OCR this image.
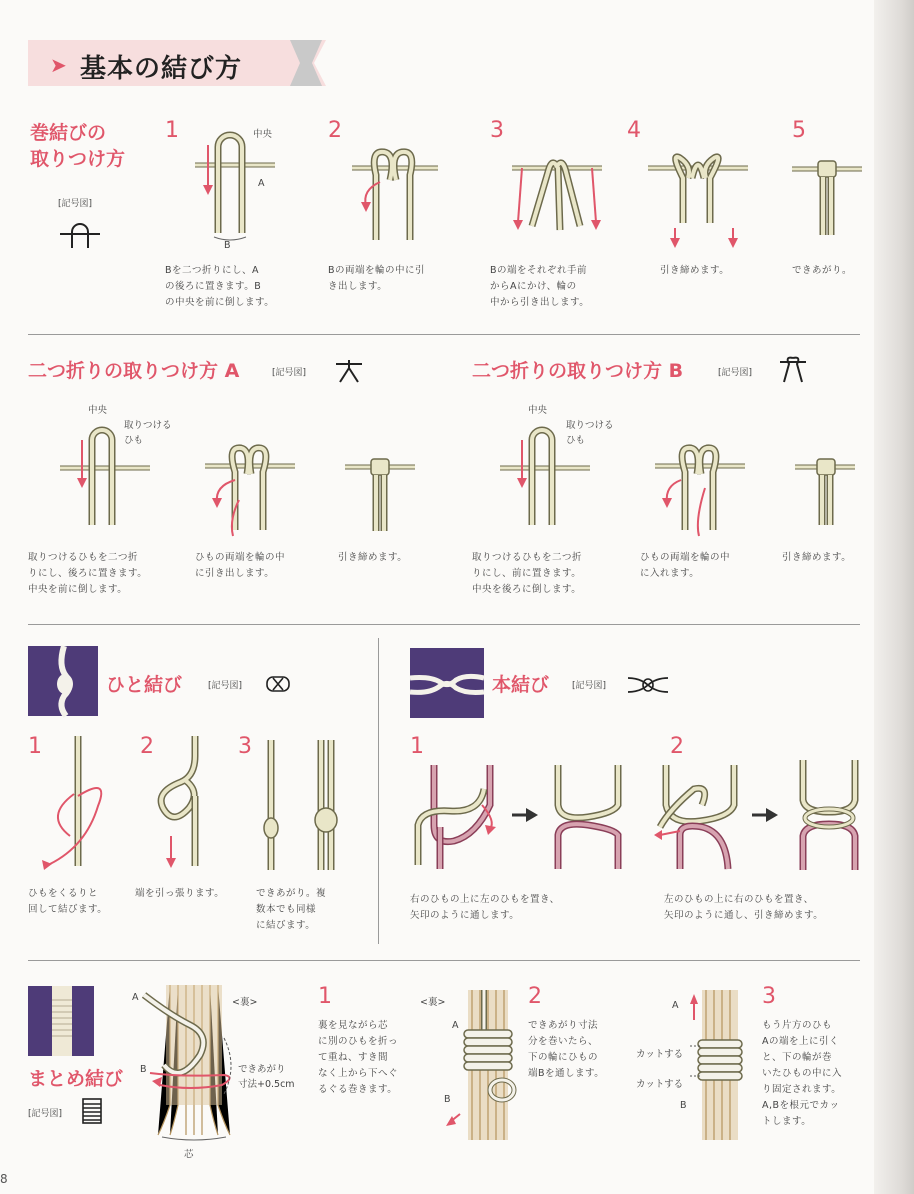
➤ 基本の結び方
巻結びの
取りつけ方
[記号図]
1	2	3	4	5
中央
A
B
Bを二つ折りにし、A
の後ろに置きます。B
の中央を前に倒します。
Bの両端を輪の中に引
き出します。
Bの端をそれぞれ手前
からAにかけ、輪の
中から引き出します。
引き締めます。	できあがり。
二つ折りの取りつけ方 A	[記号図]
中央
取りつける
ひも
取りつけるひもを二つ折
りにし、後ろに置きます。
中央を前に倒します。
ひもの両端を輪の中
に引き出します。
引き締めます。
二つ折りの取りつけ方 B	[記号図]
中央
取りつける
ひも
取りつけるひもを二つ折
りにし、前に置きます。
中央を後ろに倒します。
ひもの両端を輪の中
に入れます。
引き締めます。
ひと結び	[記号図]
1	2	3
ひもをくるりと
回して結びます。
端を引っ張ります。	できあがり。複
数本でも同様
に結びます。
本結び	[記号図]
1	2
右のひもの上に左のひもを置き、
矢印のように通します。
左のひもの上に右のひもを置き、
矢印のように通し、引き締めます。
まとめ結び
[記号図]
A
B
<裏>
できあがり
寸法+0.5cm
芯
1
裏を見ながら芯
に別のひもを折っ
て重ね、すき間
なく上から下へぐ
るぐる巻きます。
<裏>
A
B
2
できあがり寸法
分を巻いたら、
下の輪にひもの
端Bを通します。
A
カットする
カットする
B
3
もう片方のひも
Aの端を上に引く
と、下の輪が巻
いたひもの中に入
り固定されます。
A,Bを根元でカッ
トします。
8
